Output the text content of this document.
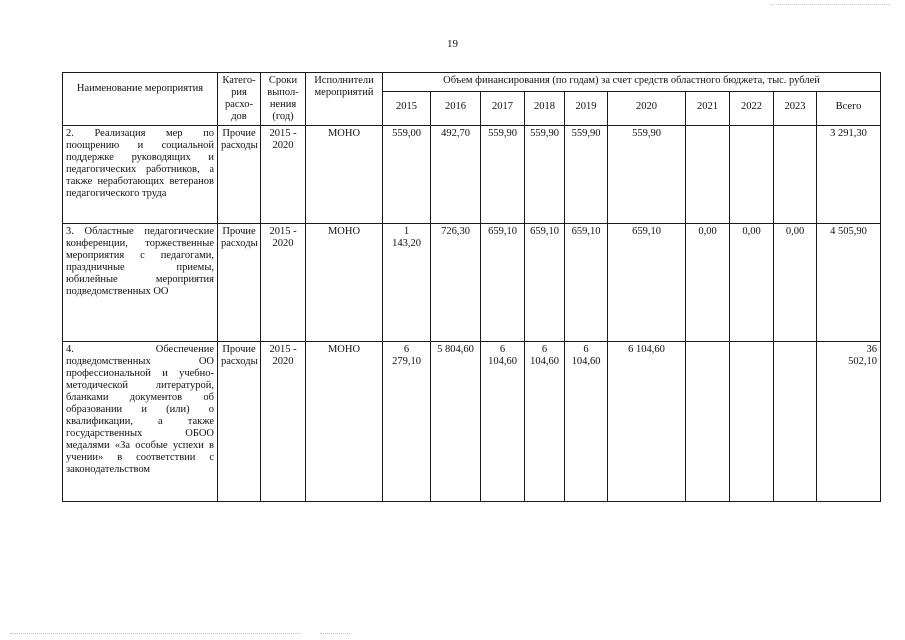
19
Наименование мероприятия	Катего-
рия
расхо-
дов	Сроки
выпол-
нения
(год)	Исполнители
мероприятий	Объем финансирования (по годам) за счет средств областного бюджета, тыс. рублей									
				2015	2016	2017	2018	2019	2020	2021	2022	2023	Всего
2. Реализация мер по поощрению и социальной поддержке руководящих и педагогических работников, а также неработающих ветеранов педагогического труда	Прочие расходы	2015 - 2020	МОНО	559,00	492,70	559,90	559,90	559,90	559,90				3 291,30
3. Областные педагогические конференции, торжественные мероприятия с педагогами, праздничные приемы, юбилейные мероприятия подведомственных ОО	Прочие расходы	2015 - 2020	МОНО	1
143,20	726,30	659,10	659,10	659,10	659,10	0,00	0,00	0,00	4 505,90
4. Обеспечение подведомственных ОО профессиональной и учебно-методической литературой, бланками документов об образовании и (или) о квалификации, а также государственных ОБОО медалями «За особые успехи в учении» в соответствии с законодательством	Прочие расходы	2015 - 2020	МОНО	6
279,10	5 804,60	6
104,60	6
104,60	6
104,60	6 104,60				36
502,10
